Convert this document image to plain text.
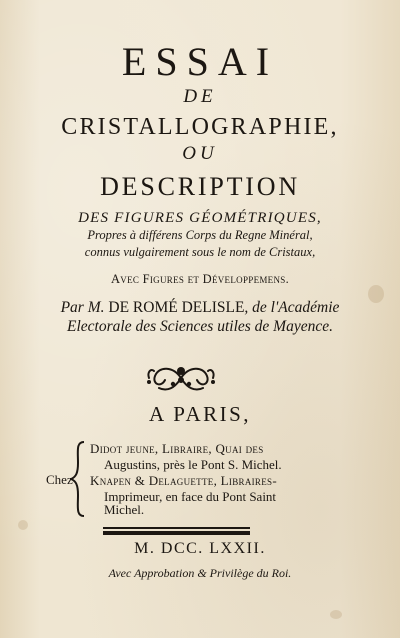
ESSAI
DE
CRISTALLOGRAPHIE,
OU
DESCRIPTION
DES FIGURES GÉOMÉTRIQUES,
Propres à différens Corps du Regne Minéral,
connus vulgairement sous le nom de Cristaux,
Avec Figures et Développemens.
Par M. DE ROMÉ DELISLE, de l'Académie
Electorale des Sciences utiles de Mayence.
A PARIS,
Chez
Didot jeune, Libraire, Quai des
Augustins, près le Pont S. Michel.
Knapen & Delaguette, Libraires-
Imprimeur, en face du Pont Saint
Michel.
M. DCC. LXXII.
Avec Approbation & Privilège du Roi.
